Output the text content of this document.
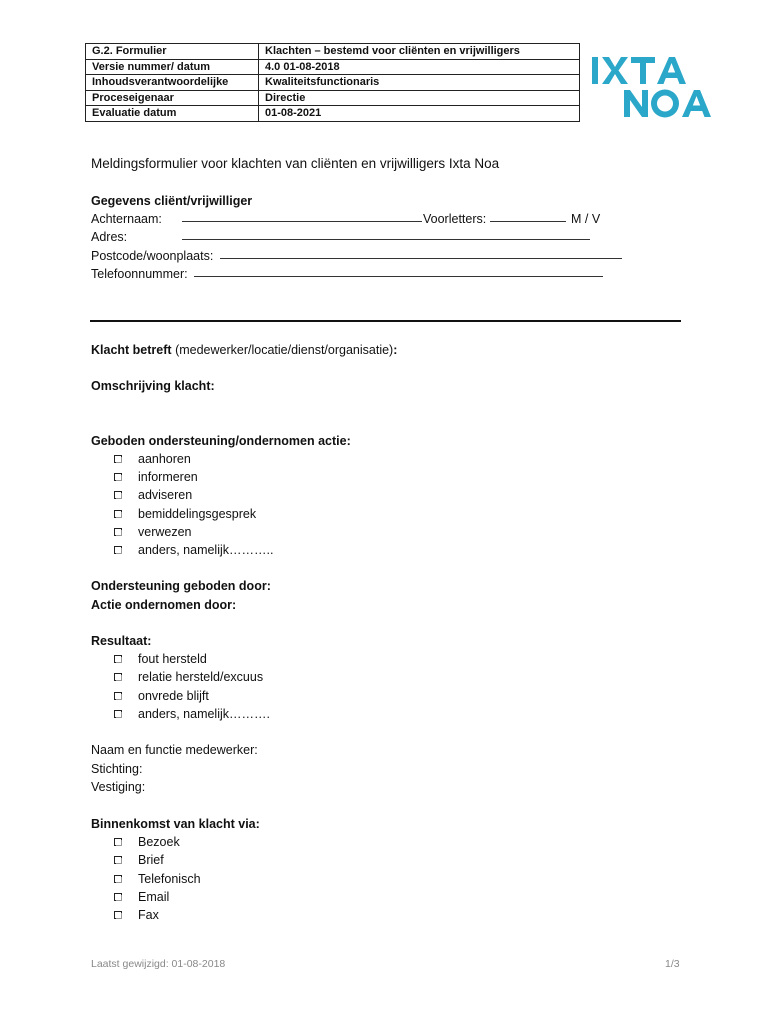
G.2. Formulier	Klachten – bestemd voor cliënten en vrijwilligers
Versie nummer/ datum	4.0 01-08-2018
Inhoudsverantwoordelijke	Kwaliteitsfunctionaris
Proceseigenaar	Directie
Evaluatie datum	01-08-2021
Meldingsformulier voor klachten van cliënten en vrijwilligers Ixta Noa
Gegevens cliënt/vrijwilliger
Achternaam:	Voorletters:	M / V
Adres:
Postcode/woonplaats:
Telefoonnummer:
Klacht betreft (medewerker/locatie/dienst/organisatie):
Omschrijving klacht:
Geboden ondersteuning/ondernomen actie:
aanhoren
informeren
adviseren
bemiddelingsgesprek
verwezen
anders, namelijk………..
Ondersteuning geboden door:
Actie ondernomen door:
Resultaat:
fout hersteld
relatie hersteld/excuus
onvrede blijft
anders, namelijk……….
Naam en functie medewerker:
Stichting:
Vestiging:
Binnenkomst van klacht via:
Bezoek
Brief
Telefonisch
Email
Fax
Laatst gewijzigd: 01-08-2018	1/3
